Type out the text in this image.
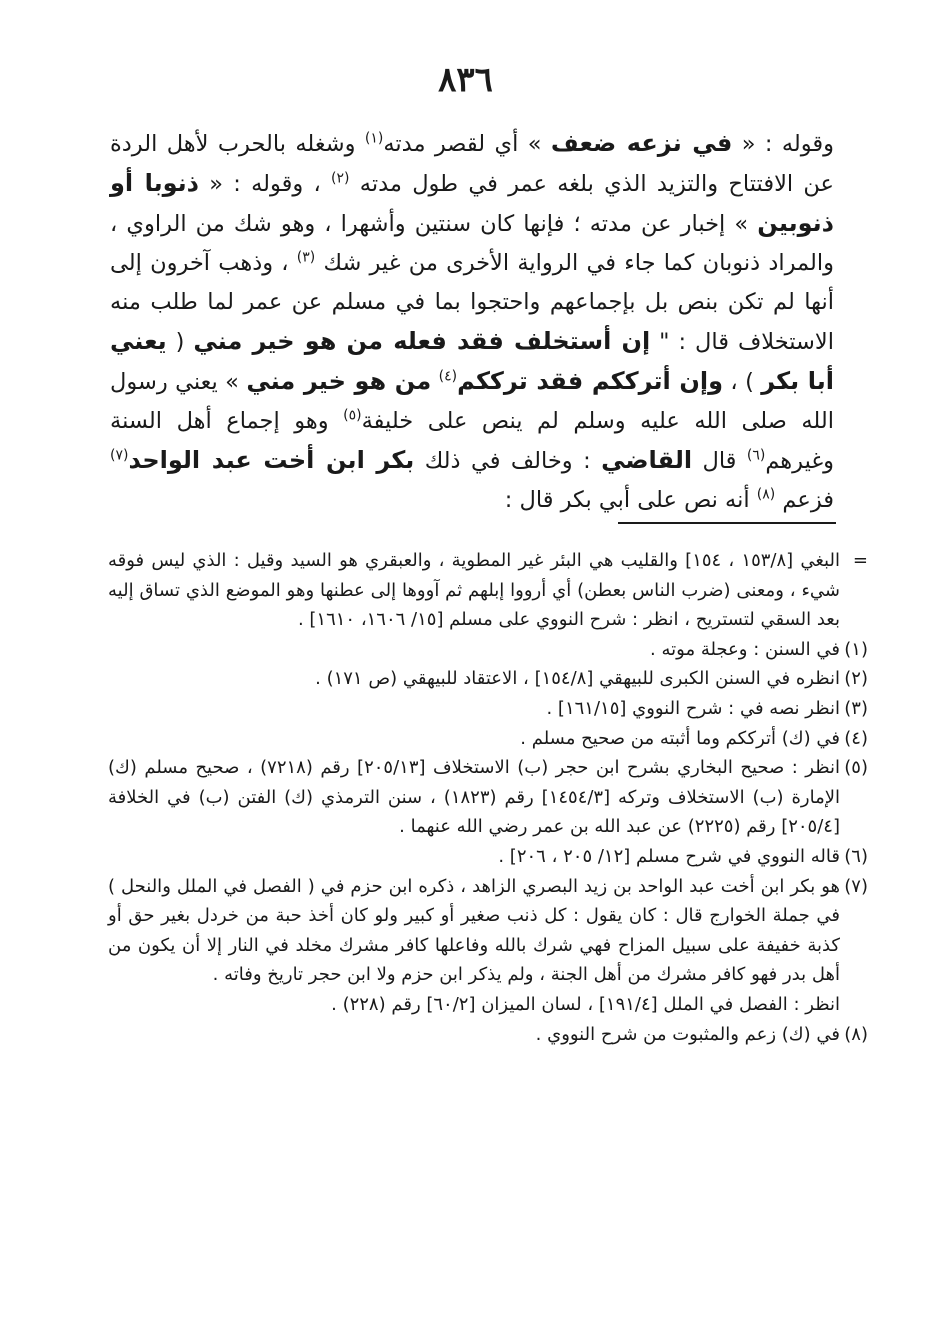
٨٣٦

وقوله : « في نزعه ضعف » أي لقصر مدته$^{(١)}$ وشغله بالحرب لأهل الردة عن الافتتاح والتزيد الذي بلغه عمر في طول مدته $^{(٢)}$ ، وقوله : « ذنوبا أو ذنوبين » إخبار عن مدته ؛ فإنها كان سنتين وأشهرا ، وهو شك من الراوي ، والمراد ذنوبان كما جاء في الرواية الأخرى من غير شك $^{(٣)}$ ، وذهب آخرون إلى أنها لم تكن بنص بل بإجماعهم واحتجوا بما في مسلم عن عمر لما طلب منه الاستخلاف قال : " إن أستخلف فقد فعله من هو خير مني ( يعني أبا بكر ) ، وإن أترككم فقد ترككم$^{(٤)}$ من هو خير مني » يعني رسول الله صلى الله عليه وسلم لم ينص على خليفة$^{(٥)}$ وهو إجماع أهل السنة وغيرهم$^{(٦)}$ قال القاضي : وخالف في ذلك بكر ابن أخت عبد الواحد$^{(٧)}$ فزعم $^{(٨)}$ أنه نص على أبي بكر قال :

=
البغي [١٥٣/٨ ، ١٥٤] والقليب هي البئر غير المطوية ، والعبقري هو السيد وقيل : الذي ليس فوقه شيء ، ومعنى (ضرب الناس بعطن) أي أرووا إبلهم ثم آووها إلى عطنها وهو الموضع الذي تساق إليه بعد السقي لتستريح ، انظر : شرح النووي على مسلم [١٥/ ١٦٠٦، ١٦١٠] .

(١)
في السنن : وعجلة موته .

(٢)
انظره في السنن الكبرى للبيهقي [١٥٤/٨] ، الاعتقاد للبيهقي (ص ١٧١) .

(٣)
انظر نصه في : شرح النووي [١٦١/١٥] .

(٤)
في (ك) أترككم وما أثبته من صحيح مسلم .

(٥)
انظر : صحيح البخاري بشرح ابن حجر (ب) الاستخلاف [٢٠٥/١٣] رقم (٧٢١٨) ، صحيح مسلم (ك) الإمارة (ب) الاستخلاف وتركه [١٤٥٤/٣] رقم (١٨٢٣) ، سنن الترمذي (ك) الفتن (ب) في الخلافة [٢٠٥/٤] رقم (٢٢٢٥) عن عبد الله بن عمر رضي الله عنهما .

(٦)
قاله النووي في شرح مسلم [١٢/ ٢٠٥ ، ٢٠٦] .

(٧)
هو بكر ابن أخت عبد الواحد بن زيد البصري الزاهد ، ذكره ابن حزم في ( الفصل في الملل والنحل ) في جملة الخوارج قال : كان يقول : كل ذنب صغير أو كبير ولو كان أخذ حبة من خردل بغير حق أو كذبة خفيفة على سبيل المزاح فهي شرك بالله وفاعلها كافر مشرك مخلد في النار إلا أن يكون من أهل بدر فهو كافر مشرك من أهل الجنة ، ولم يذكر ابن حزم ولا ابن حجر تاريخ وفاته .

انظر : الفصل في الملل [١٩١/٤] ، لسان الميزان [٦٠/٢] رقم (٢٢٨) .

(٨)
في (ك) زعم والمثبوت من شرح النووي .
